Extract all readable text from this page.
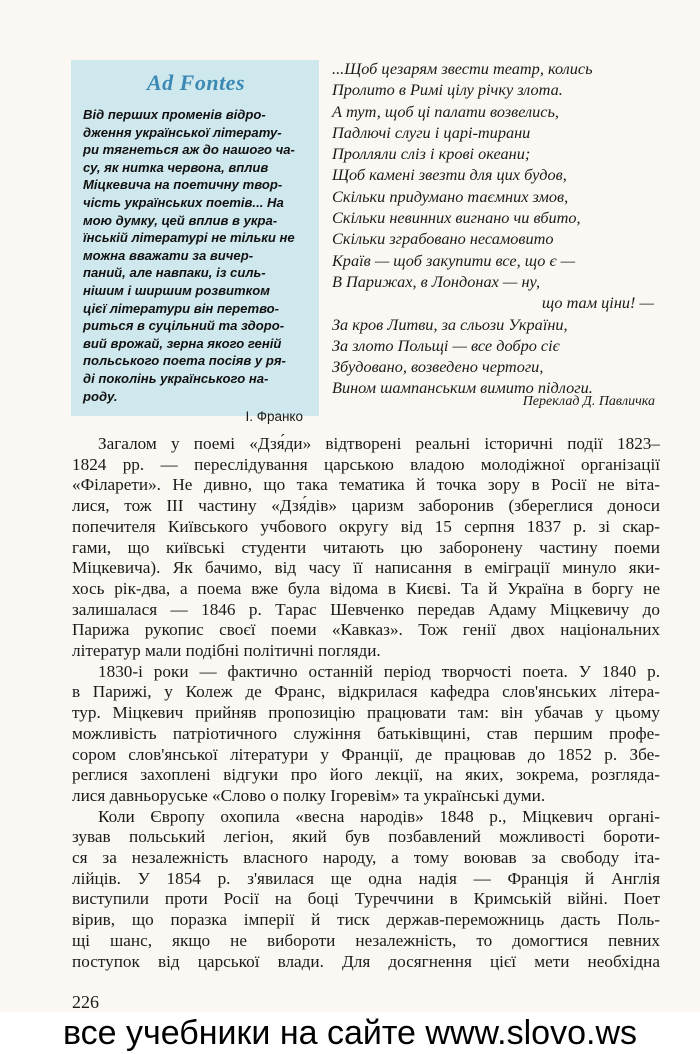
Ad Fontes
Від перших променів відро-
дження української літерату-
ри тягнеться аж до нашого ча-
су, як нитка червона, вплив
Міцкевича на поетичну твор-
чість українських поетів... На
мою думку, цей вплив в укра-
їнській літературі не тільки не
можна вважати за вичер-
паний, але навпаки, із силь-
нішим і ширшим розвитком
цієї літератури він перетво-
риться в суцільний та здоро-
вий врожай, зерна якого геній
польського поета посіяв у ря-
ді поколінь українського на-
роду.
І. Франко
...Щоб цезарям звести театр, колись
Пролито в Римі цілу річку злота.
А тут, щоб ці палати возвелись,
Падлючі слуги і царі-тирани
Пролляли сліз і крові океани;
Щоб камені звезти для цих будов,
Скільки придумано таємних змов,
Скільки невинних вигнано чи вбито,
Скільки зграбовано несамовито
Країв — щоб закупити все, що є —
В Парижах, в Лондонах — ну,
що там ціни! —
За кров Литви, за сльози України,
За злото Польщі — все добро сіє
Збудовано, возведено чертоги,
Вином шампанським вимито підлоги.
Переклад Д. Павличка
Загалом у поемі «Дзя́ди» відтворені реальні історичні події 1823–
1824 рр. — переслідування царською владою молодіжної організації
«Філарети». Не дивно, що така тематика й точка зору в Росії не віта-
лися, тож ІІІ частину «Дзя́дів» царизм заборонив (збереглися доноси
попечителя Київського учбового округу від 15 серпня 1837 р. зі скар-
гами, що київські студенти читають цю заборонену частину поеми
Міцкевича). Як бачимо, від часу її написання в еміграції минуло яки-
хось рік-два, а поема вже була відома в Києві. Та й Україна в боргу не
залишалася — 1846 р. Тарас Шевченко передав Адаму Міцкевичу до
Парижа рукопис своєї поеми «Кавказ». Тож генії двох національних
літератур мали подібні політичні погляди.
1830-і роки — фактично останній період творчості поета. У 1840 р.
в Парижі, у Колеж де Франс, відкрилася кафедра слов'янських літера-
тур. Міцкевич прийняв пропозицію працювати там: він убачав у цьому
можливість патріотичного служіння батьківщині, став першим профе-
сором слов'янської літератури у Франції, де працював до 1852 р. Збе-
реглися захоплені відгуки про його лекції, на яких, зокрема, розгляда-
лися давньоруське «Слово о полку Ігоревім» та українські думи.
Коли Європу охопила «весна народів» 1848 р., Міцкевич органі-
зував польський легіон, який був позбавлений можливості бороти-
ся за незалежність власного народу, а тому воював за свободу іта-
лійців. У 1854 р. з'явилася ще одна надія — Франція й Англія
виступили проти Росії на боці Туреччини в Кримській війні. Поет
вірив, що поразка імперії й тиск держав-переможниць дасть Поль-
щі шанс, якщо не вибороти незалежність, то домогтися певних
поступок від царської влади. Для досягнення цієї мети необхідна
226
все учебники на сайте www.slovo.ws
